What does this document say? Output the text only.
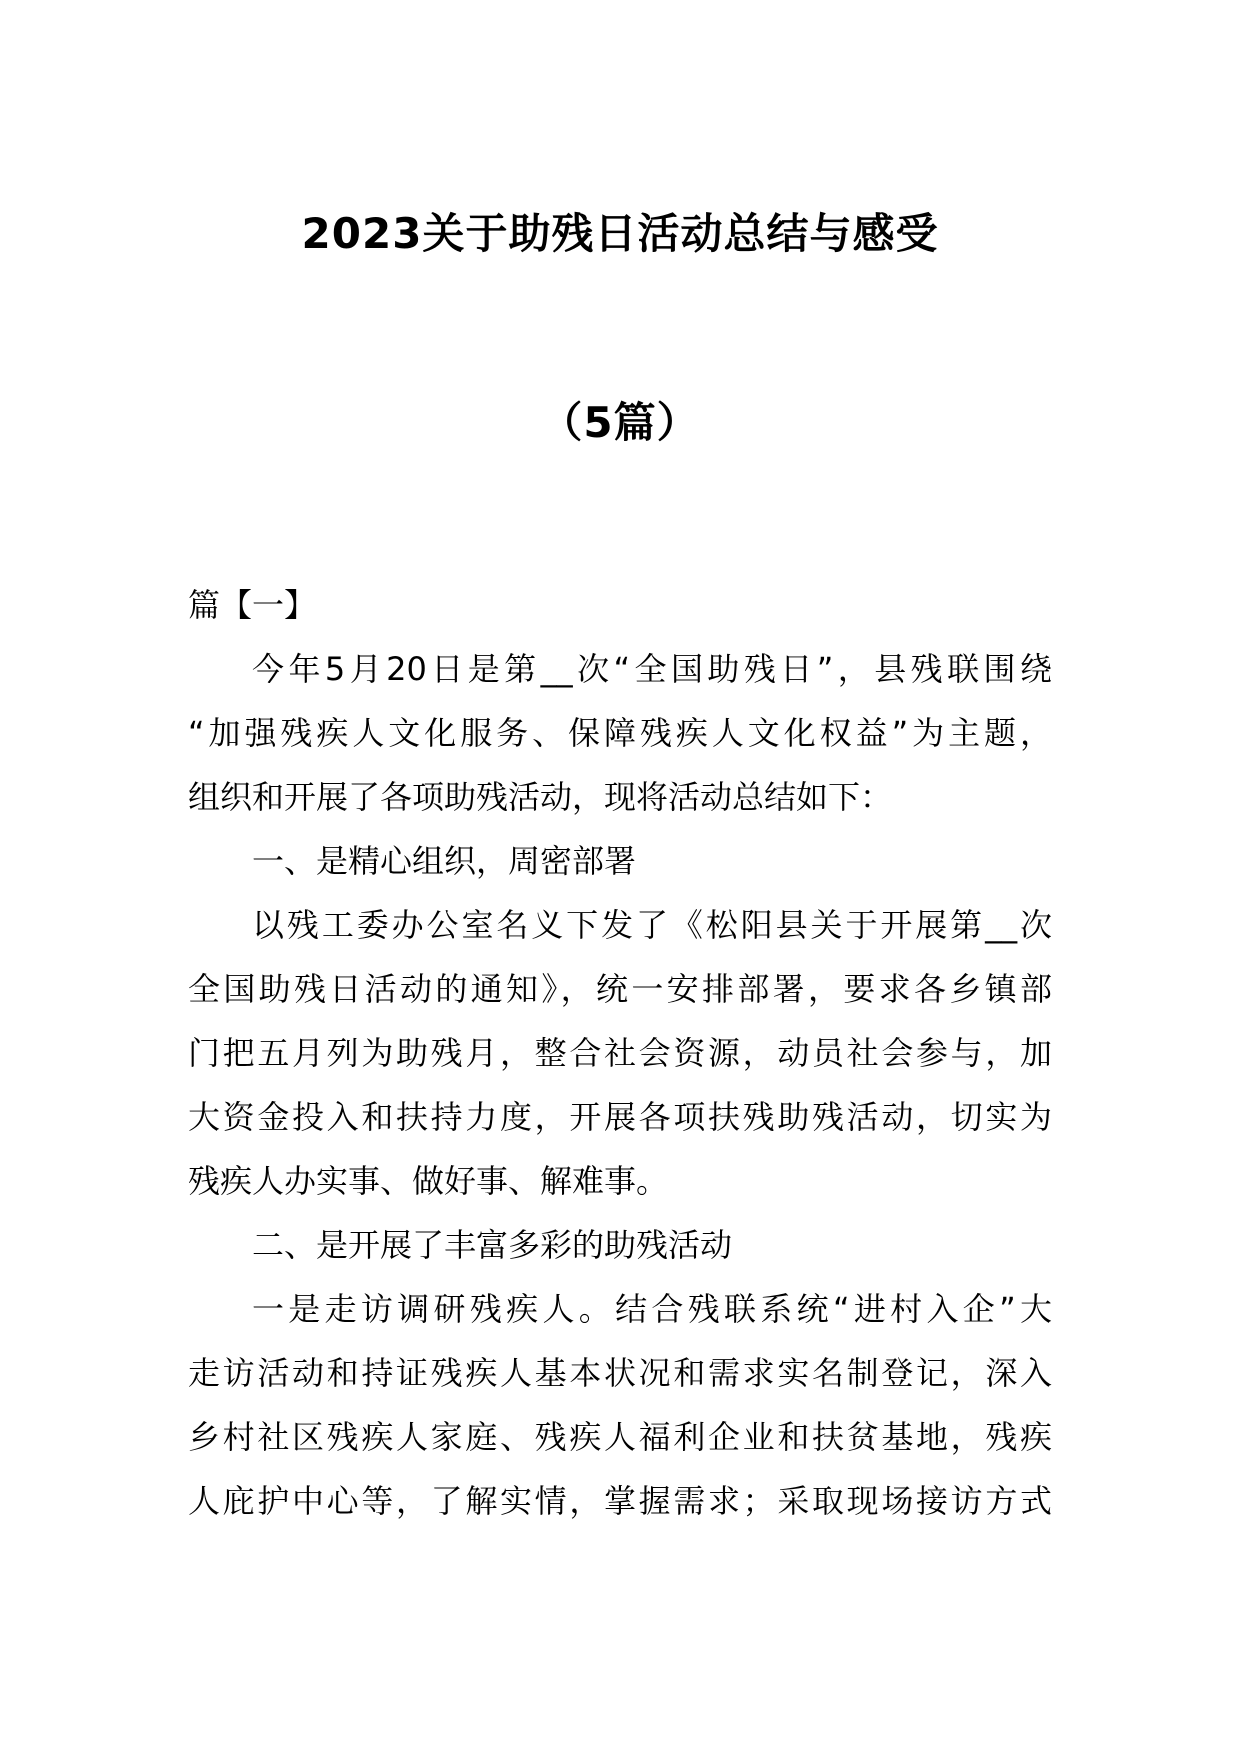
2023关于助残日活动总结与感受
（5篇）
篇【一】
今年5月20日是第__次“全国助残日”，县残联围绕
“加强残疾人文化服务、保障残疾人文化权益”为主题，
组织和开展了各项助残活动，现将活动总结如下：
一、是精心组织，周密部署
以残工委办公室名义下发了《松阳县关于开展第__次
全国助残日活动的通知》，统一安排部署，要求各乡镇部
门把五月列为助残月，整合社会资源，动员社会参与，加
大资金投入和扶持力度，开展各项扶残助残活动，切实为
残疾人办实事、做好事、解难事。
二、是开展了丰富多彩的助残活动
一是走访调研残疾人。结合残联系统“进村入企”大
走访活动和持证残疾人基本状况和需求实名制登记，深入
乡村社区残疾人家庭、残疾人福利企业和扶贫基地，残疾
人庇护中心等，了解实情，掌握需求；采取现场接访方式
